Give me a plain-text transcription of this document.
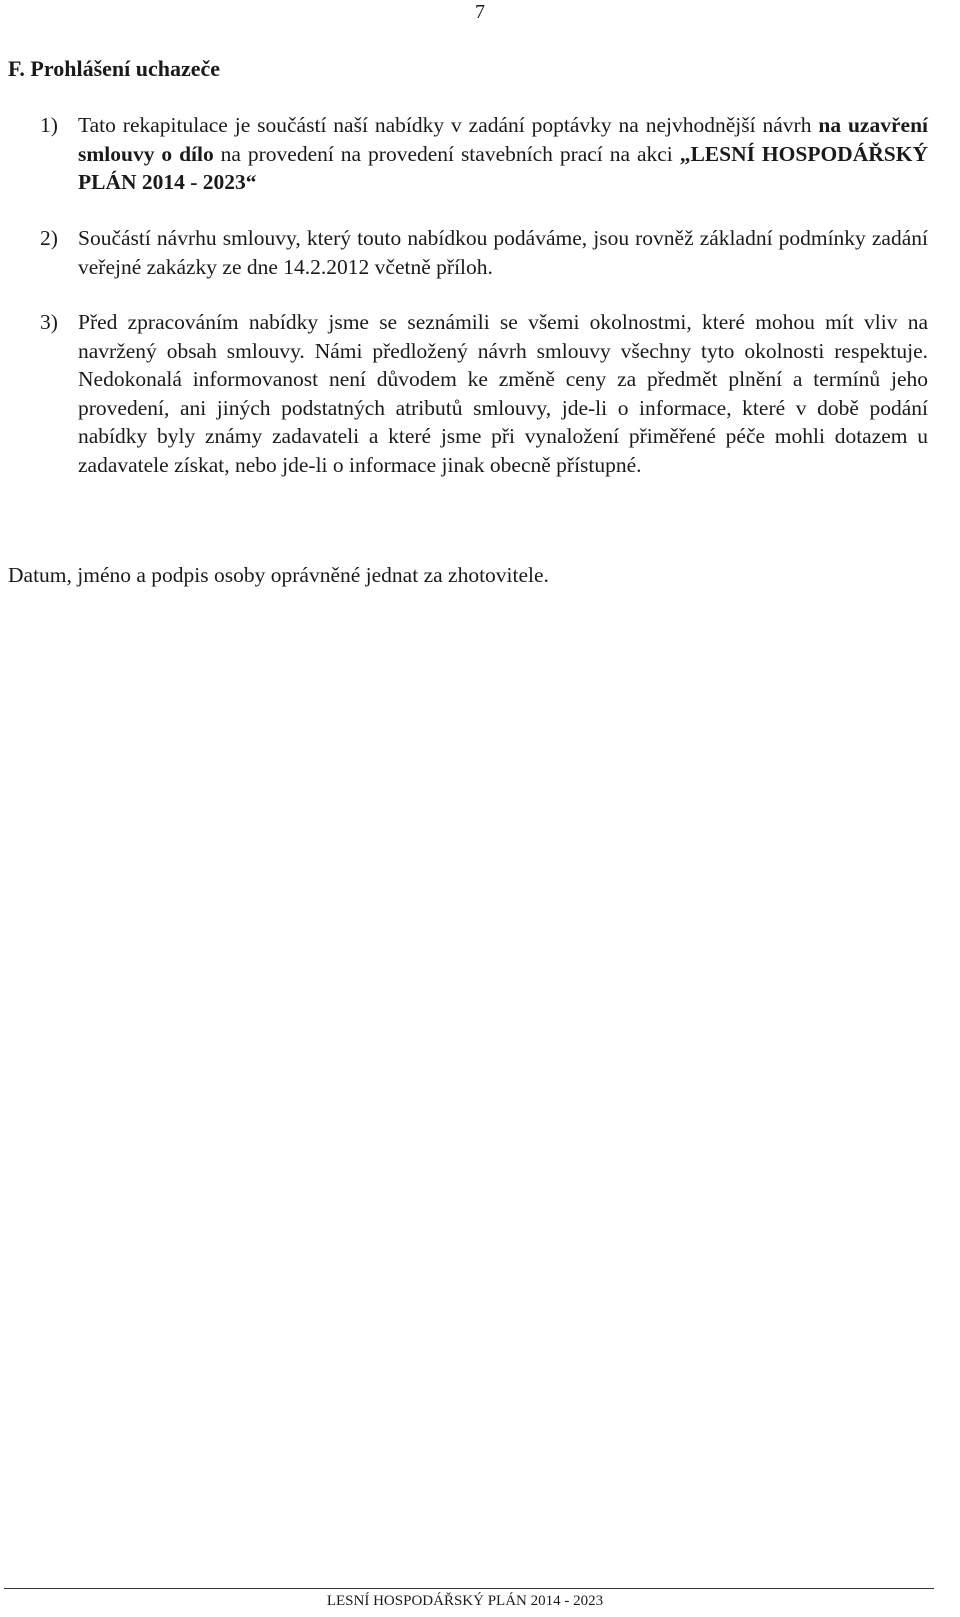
7
F. Prohlášení uchazeče
1) Tato rekapitulace je součástí naší nabídky v zadání poptávky na nejvhodnější návrh na uzavření smlouvy o dílo na provedení na provedení stavebních prací na akci „LESNÍ HOSPODÁŘSKÝ PLÁN 2014 - 2023“
2) Součástí návrhu smlouvy, který touto nabídkou podáváme, jsou rovněž základní podmínky zadání veřejné zakázky ze dne 14.2.2012 včetně příloh.
3) Před zpracováním nabídky jsme se seznámili se všemi okolnostmi, které mohou mít vliv na navržený obsah smlouvy. Námi předložený návrh smlouvy všechny tyto okolnosti respektuje. Nedokonalá informovanost není důvodem ke změně ceny za předmět plnění a termínů jeho provedení, ani jiných podstatných atributů smlouvy, jde-li o informace, které v době podání nabídky byly známy zadavateli a které jsme při vynaložení přiměřené péče mohli dotazem u zadavatele získat, nebo jde-li o informace jinak obecně přístupné.
Datum, jméno a podpis osoby oprávněné jednat za zhotovitele.
LESNÍ HOSPODÁŘSKÝ PLÁN 2014 - 2023
